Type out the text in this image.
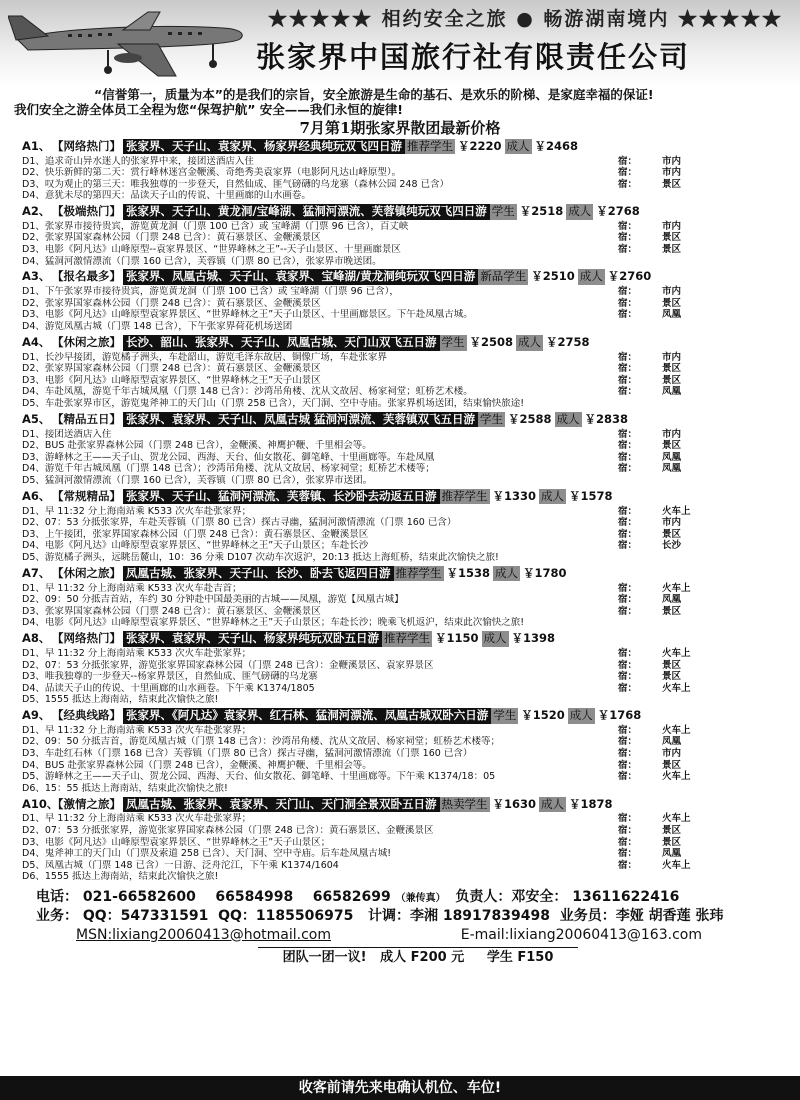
★★★★★ 相约安全之旅 ● 畅游湖南境内 ★★★★★
张家界中国旅行社有限责任公司

“信誉第一，质量为本”的是我们的宗旨，安全旅游是生命的基石、是欢乐的阶梯、是家庭幸福的保证!

我们安全之游全体员工全程为您“保驾护航” 安全——我们永恒的旋律!

7月第1期张家界散团最新价格
A1、 【网络热门】 张家界、天子山、袁家界、杨家界经典纯玩双飞四日游 推荐学生 ￥2220 成人 ￥2468
D1、追求奇山异水迷人的张家界中来，接团送酒店入住	宿：	市内
D2、快乐新鲜的第二天：赏行峰林迷宫金鞭溪、奇绝秀美袁家界（电影阿凡达山峰原型）。	宿：	市内
D3、叹为观止的第三天：唯我独尊的一步登天，自然仙成、匪气磅礴的乌龙寨（森林公园 248 已含）	宿：	景区
D4、意犹未尽的第四天：品读天子山的传说、十里画廊的山水画卷。
A2、 【极端热门】 张家界、天子山、黄龙洞/宝峰湖、猛洞河漂流、芙蓉镇纯玩双飞四日游 学生 ￥2518 成人 ￥2768
D1、张家界市接待贵宾，游览黄龙洞（门票 100 已含）或 宝峰湖（门票 96 已含），百丈峡	宿：	市内
D2、张家界国家森林公园（门票 248 已含）：黄石寨景区、金鞭溪景区	宿：	景区
D3、电影《阿凡达》山峰原型--袁家界景区、“世界峰林之王”--天子山景区、十里画廊景区	宿：	景区
D4、猛洞河激情漂流（门票 160 已含），芙蓉镇（门票 80 已含），张家界市晚送团。
A3、 【报名最多】 张家界、凤凰古城、天子山、袁家界、宝峰湖/黄龙洞纯玩双飞四日游 新品学生 ￥2510 成人 ￥2760
D1、下午张家界市接待贵宾，游览黄龙洞（门票 100 已含）或 宝峰湖（门票 96 已含），	宿：	市内
D2、张家界国家森林公园（门票 248 已含）：黄石寨景区、金鞭溪景区	宿：	景区
D3、电影《阿凡达》山峰原型袁家界景区、“世界峰林之王”天子山景区、十里画廊景区。下午赴凤凰古城。	宿：	凤凰
D4、游览凤凰古城（门票 148 已含），下午张家界荷花机场送团
A4、 【休闲之旅】 长沙、韶山、张家界、天子山、凤凰古城、天门山双飞五日游 学生 ￥2508 成人 ￥2758
D1、长沙早接团，游览橘子洲头，车赴韶山，游览毛泽东故居、铜像广场，车赴张家界	宿：	市内
D2、张家界国家森林公园（门票 248 已含）：黄石寨景区、金鞭溪景区	宿：	景区
D3、电影《阿凡达》山峰原型袁家界景区、“世界峰林之王”天子山景区	宿：	景区
D4、车赴凤凰，游览千年古城凤凰（门票 148 已含）：沙湾吊角楼、沈从文故居、杨家祠堂；虹桥艺术楼。	宿：	凤凰
D5、车赴张家界市区，游览鬼斧神工的天门山（门票 258 已含），天门洞、空中寺庙。张家界机场送团，结束愉快旅途!
A5、 【精品五日】 张家界、袁家界、天子山、凤凰古城 猛洞河漂流、芙蓉镇双飞五日游 学生 ￥2588 成人 ￥2838
D1、接团送酒店入住	宿：	市内
D2、BUS 赴张家界森林公园（门票 248 已含），金鞭溪、神鹰护鞭、千里相会等。	宿：	景区
D3、游峰林之王——天子山、贺龙公园、西海、天台、仙女散花、御笔峰、十里画廊等。车赴凤凰	宿：	凤凰
D4、游览千年古城凤凰（门票 148 已含）；沙湾吊角楼、沈从文故居、杨家祠堂；虹桥艺术楼等；	宿：	凤凰
D5、猛洞河激情漂流（门票 160 已含），芙蓉镇（门票 80 已含），张家界市送团。
A6、 【常规精品】 张家界、天子山、猛洞河漂流、芙蓉镇、长沙卧去动返五日游 推荐学生 ￥1330 成人 ￥1578
D1、早 11:32 分上海南站乘 K533 次火车赴张家界；	宿：	火车上
D2、07：53 分抵张家界，车赴芙蓉镇（门票 80 已含）探古寻幽，猛洞河激情漂流（门票 160 已含）	宿：	市内
D3、上午接团，张家界国家森林公园（门票 248 已含）：黄石寨景区、金鞭溪景区	宿：	景区
D4、电影《阿凡达》山峰原型袁家界景区、“世界峰林之王”天子山景区；车赴长沙	宿：	长沙
D5、游览橘子洲头，远眺岳麓山，10：36 分乘 D107 次动车次返沪，20:13 抵达上海虹桥，结束此次愉快之旅!
A7、 【休闲之旅】 凤凰古城、张家界、天子山、长沙、卧去飞返四日游 推荐学生 ￥1538 成人 ￥1780
D1、早 11:32 分上海南站乘 K533 次火车赴吉首；	宿：	火车上
D2、09：50 分抵吉首站，车约 30 分钟赴中国最美丽的古城——凤凰，游览【凤凰古城】	宿：	凤凰
D3、张家界国家森林公园（门票 248 已含）：黄石寨景区、金鞭溪景区	宿：	景区
D4、电影《阿凡达》山峰原型袁家界景区、“世界峰林之王”天子山景区；车赴长沙；晚乘飞机返沪，结束此次愉快之旅!
A8、 【网络热门】 张家界、袁家界、天子山、杨家界纯玩双卧五日游 推荐学生 ￥1150 成人 ￥1398
D1、早 11:32 分上海南站乘 K533 次火车赴张家界；	宿：	火车上
D2、07：53 分抵张家界，游览张家界国家森林公园（门票 248 已含）：金鞭溪景区、袁家界景区	宿：	景区
D3、唯我独尊的一步登天--杨家界景区，自然仙成、匪气磅礴的乌龙寨	宿：	景区
D4、品读天子山的传说、十里画廊的山水画卷。下午乘 K1374/1805	宿：	火车上
D5、1555 抵达上海南站，结束此次愉快之旅!
A9、 【经典线路】 张家界、《阿凡达》袁家界、红石林、猛洞河漂流、凤凰古城双卧六日游 学生 ￥1520 成人 ￥1768
D1、早 11:32 分上海南站乘 K533 次火车赴张家界；	宿：	火车上
D2、09：50 分抵吉首，游览凤凰古城（门票 148 已含）：沙湾吊角楼、沈从文故居、杨家祠堂；虹桥艺术楼等；	宿：	凤凰
D3、车赴红石林（门票 168 已含）芙蓉镇（门票 80 已含）探古寻幽，猛洞河激情漂流（门票 160 已含）	宿：	市内
D4、BUS 赴张家界森林公园（门票 248 已含），金鞭溪、神鹰护鞭、千里相会等。	宿：	景区
D5、游峰林之王——天子山、贺龙公园、西海、天台、仙女散花、御笔峰、十里画廊等。下午乘 K1374/18：05	宿：	火车上
D6、15：55 抵达上海南站，结束此次愉快之旅!
A10、
【激情之旅】 凤凰古城、张家界、袁家界、天门山、天门洞全景双卧五日游 热卖学生 ￥1630 成人 ￥1878
D1、早 11:32 分上海南站乘 K533 次火车赴张家界；	宿：	火车上
D2、07：53 分抵张家界，游览张家界国家森林公园（门票 248 已含）：黄石寨景区、金鞭溪景区	宿：	景区
D3、电影《阿凡达》山峰原型袁家界景区、“世界峰林之王”天子山景区；	宿：	景区
D4、鬼斧神工的天门山（门票及索道 258 已含）、天门洞、空中寺庙。后车赴凤凰古城!	宿：	凤凰
D5、凤凰古城（门票 148 已含）一日游、泛舟沱江，下午乘 K1374/1604	宿：	火车上
D6、1555 抵达上海南站，结束此次愉快之旅!
电话： 021-66582600 66584998 66582699 （兼传真） 负责人：邓安全： 13611622416
业务： QQ：547331591 QQ：1185506975 计调：李湘 18917839498 业务员：李娅 胡香莲 张玮
MSN:lixiang20060413@hotmail.com	E-mail:lixiang20060413@163.com
团队一团一议! 成人 F200 元 学生 F150
收客前请先来电确认机位、车位!
